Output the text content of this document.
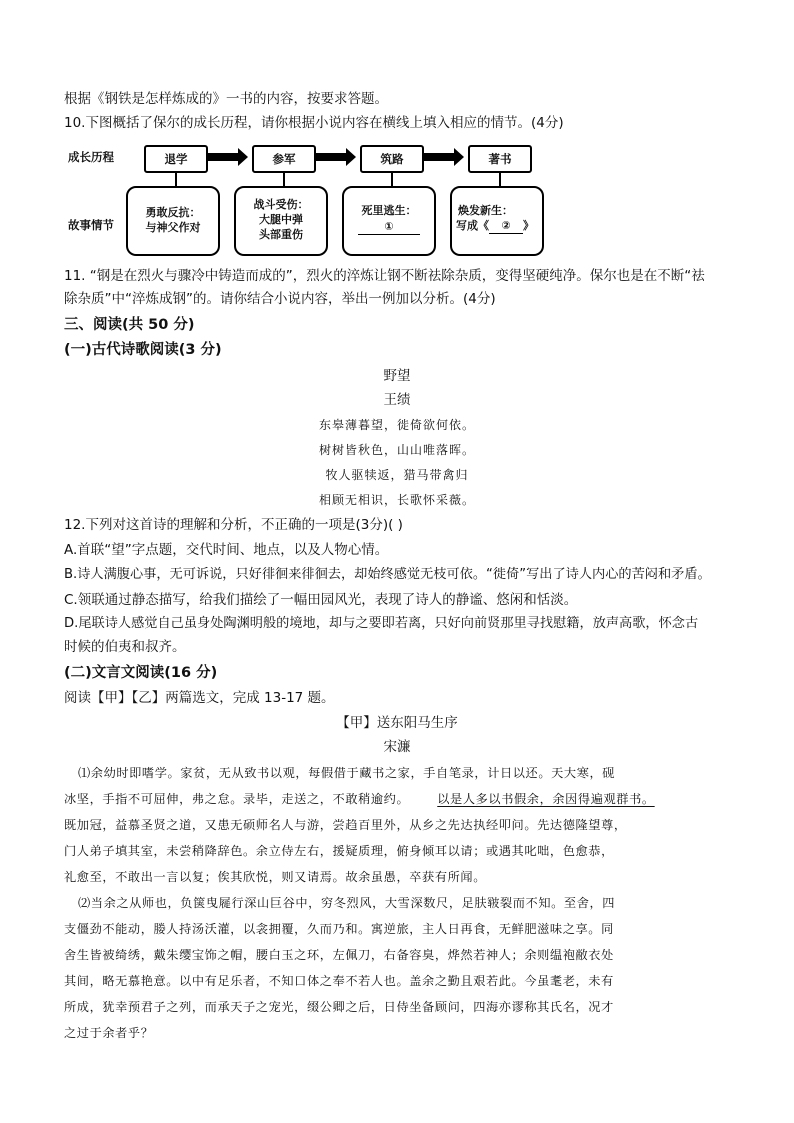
根据《钢铁是怎样炼成的》一书的内容，按要求答题。
10.下图概括了保尔的成长历程，请你根据小说内容在横线上填入相应的情节。(4分)
成长历程
故事情节
退学	参军	筑路	著书
勇敢反抗：
与神父作对
战斗受伤：
大腿中弹
头部重伤
死里逃生：
①
焕发新生：
写成《 ② 》
11. “钢是在烈火与骤冷中铸造而成的”，烈火的淬炼让钢不断祛除杂质，变得坚硬纯净。保尔也是在不断“祛
除杂质”中“淬炼成钢”的。请你结合小说内容，举出一例加以分析。(4分)
三、阅读(共 50 分)
(一)古代诗歌阅读(3 分)
野望
王绩
东皋薄暮望，徙倚欲何依。
树树皆秋色，山山唯落晖。
牧人驱犊返，猎马带禽归
相顾无相识，长歌怀采薇。
12.下列对这首诗的理解和分析，不正确的一项是(3分)( )
A.首联“望”字点题，交代时间、地点，以及人物心情。
B.诗人满腹心事，无可诉说，只好徘徊来徘徊去，却始终感觉无枝可依。“徙倚”写出了诗人内心的苦闷和矛盾。
C.领联通过静态描写，给我们描绘了一幅田园风光，表现了诗人的静谧、悠闲和恬淡。
D.尾联诗人感觉自己虽身处陶渊明般的境地，却与之要即若离，只好向前贤那里寻找慰籍，放声高歌，怀念古
时候的伯夷和叔齐。
(二)文言文阅读(16 分)
阅读【甲】【乙】两篇选文，完成 13-17 题。
【甲】送东阳马生序
宋濂
⑴余幼时即嗜学。家贫，无从致书以观，每假借于藏书之家，手自笔录，计日以还。天大寒，砚
冰坚，手指不可屈伸，弗之怠。录毕，走送之，不敢稍逾约。 以是人多以书假余，余因得遍观群书。
既加冠，益慕圣贤之道，又患无硕师名人与游，尝趋百里外，从乡之先达执经叩问。先达德隆望尊，
门人弟子填其室，未尝稍降辞色。余立侍左右，援疑质理，俯身倾耳以请；或遇其叱咄，色愈恭，
礼愈至，不敢出一言以复；俟其欣悦，则又请焉。故余虽愚，卒获有所闻。
⑵当余之从师也，负箧曳屣行深山巨谷中，穷冬烈风，大雪深数尺，足肤皲裂而不知。至舍，四
支僵劲不能动，媵人持汤沃灌，以衾拥覆，久而乃和。寓逆旅，主人日再食，无鲜肥滋味之享。同
舍生皆被绮绣，戴朱缨宝饰之帽，腰白玉之环，左佩刀，右备容臭，烨然若神人；余则缊袍敝衣处
其间，略无慕艳意。以中有足乐者，不知口体之奉不若人也。盖余之勤且艰若此。今虽耄老，未有
所成，犹幸预君子之列，而承天子之宠光，缀公卿之后，日侍坐备顾问，四海亦谬称其氏名，况才
之过于余者乎？
